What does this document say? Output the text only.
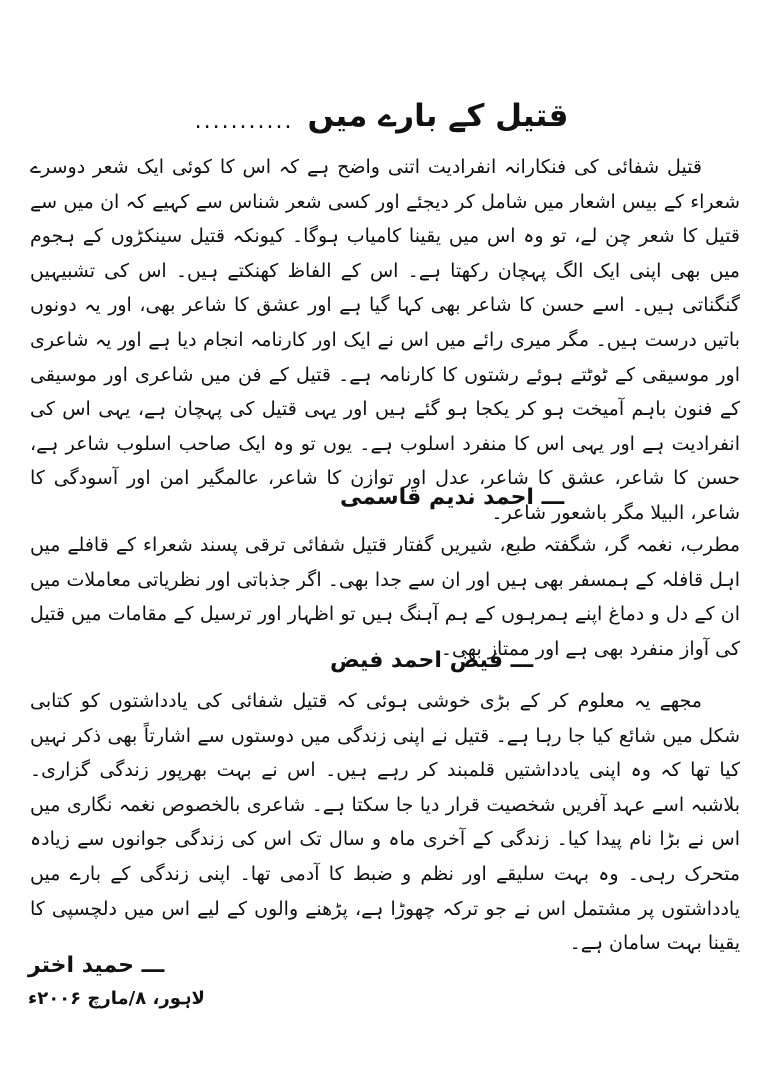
قتیل کے بارے میں
...........
قتیل شفائی کی فنکارانہ انفرادیت اتنی واضح ہے کہ اس کا کوئی ایک شعر دوسرے شعراء کے بیس اشعار میں شامل کر دیجئے اور کسی شعر شناس سے کہیے کہ ان میں سے قتیل کا شعر چن لے، تو وہ اس میں یقینا کامیاب ہوگا۔ کیونکہ قتیل سینکڑوں کے ہجوم میں بھی اپنی ایک الگ پہچان رکھتا ہے۔ اس کے الفاظ کھنکتے ہیں۔ اس کی تشبیہیں گنگناتی ہیں۔ اسے حسن کا شاعر بھی کہا گیا ہے اور عشق کا شاعر بھی، اور یہ دونوں باتیں درست ہیں۔ مگر میری رائے میں اس نے ایک اور کارنامہ انجام دیا ہے اور یہ شاعری اور موسیقی کے ٹوٹتے ہوئے رشتوں کا کارنامہ ہے۔ قتیل کے فن میں شاعری اور موسیقی کے فنون باہم آمیخت ہو کر یکجا ہو گئے ہیں اور یہی قتیل کی پہچان ہے، یہی اس کی انفرادیت ہے اور یہی اس کا منفرد اسلوب ہے۔ یوں تو وہ ایک صاحب اسلوب شاعر ہے، حسن کا شاعر، عشق کا شاعر، عدل اور توازن کا شاعر، عالمگیر امن اور آسودگی کا شاعر، البیلا مگر باشعور شاعر۔
ـــ احمد ندیم قاسمی
مطرب، نغمہ گر، شگفتہ طبع، شیریں گفتار قتیل شفائی ترقی پسند شعراء کے قافلے میں اہل قافلہ کے ہمسفر بھی ہیں اور ان سے جدا بھی۔ اگر جذباتی اور نظریاتی معاملات میں ان کے دل و دماغ اپنے ہمرہوں کے ہم آہنگ ہیں تو اظہار اور ترسیل کے مقامات میں قتیل کی آواز منفرد بھی ہے اور ممتاز بھی۔
ـــ فیض احمد فیض
مجھے یہ معلوم کر کے بڑی خوشی ہوئی کہ قتیل شفائی کی یادداشتوں کو کتابی شکل میں شائع کیا جا رہا ہے۔ قتیل نے اپنی زندگی میں دوستوں سے اشارتاً بھی ذکر نہیں کیا تھا کہ وہ اپنی یادداشتیں قلمبند کر رہے ہیں۔ اس نے بہت بھرپور زندگی گزاری۔ بلاشبہ اسے عہد آفریں شخصیت قرار دیا جا سکتا ہے۔ شاعری بالخصوص نغمہ نگاری میں اس نے بڑا نام پیدا کیا۔ زندگی کے آخری ماہ و سال تک اس کی زندگی جوانوں سے زیادہ متحرک رہی۔ وہ بہت سلیقے اور نظم و ضبط کا آدمی تھا۔ اپنی زندگی کے بارے میں یادداشتوں پر مشتمل اس نے جو ترکہ چھوڑا ہے، پڑھنے والوں کے لیے اس میں دلچسپی کا یقینا بہت سامان ہے۔
ـــ حمید اختر
لاہور، ۸/مارچ ۲۰۰۶ء
